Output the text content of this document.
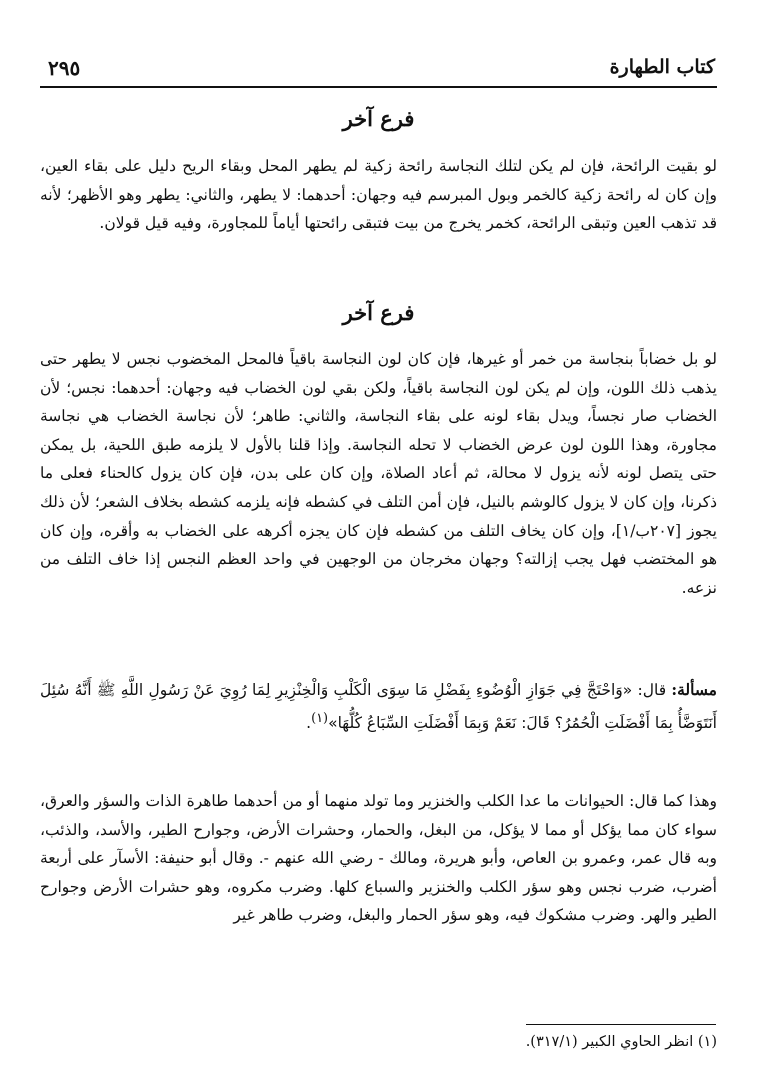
كتاب الطهارة
٢٩٥
فرع آخر

لو بقيت الرائحة، فإن لم يكن لتلك النجاسة رائحة زكية لم يطهر المحل وبقاء الريح دليل على بقاء العين، وإن كان له رائحة زكية كالخمر وبول المبرسم فيه وجهان: أحدهما: لا يطهر، والثاني: يطهر وهو الأظهر؛ لأنه قد تذهب العين وتبقى الرائحة، كخمر يخرج من بيت فتبقى رائحتها أياماً للمجاورة، وفيه قيل قولان.

فرع آخر

لو بل خضاباً بنجاسة من خمر أو غيرها، فإن كان لون النجاسة باقياً فالمحل المخضوب نجس لا يطهر حتى يذهب ذلك اللون، وإن لم يكن لون النجاسة باقياً، ولكن بقي لون الخضاب فيه وجهان: أحدهما: نجس؛ لأن الخضاب صار نجساً، ويدل بقاء لونه على بقاء النجاسة، والثاني: طاهر؛ لأن نجاسة الخضاب هي نجاسة مجاورة، وهذا اللون لون عرض الخضاب لا تحله النجاسة. وإذا قلنا بالأول لا يلزمه طبق اللحية، بل يمكن حتى يتصل لونه لأنه يزول لا محالة، ثم أعاد الصلاة، وإن كان على بدن، فإن كان يزول كالحناء فعلى ما ذكرنا، وإن كان لا يزول كالوشم بالنيل، فإن أمن التلف في كشطه فإنه يلزمه كشطه بخلاف الشعر؛ لأن ذلك يجوز [٢٠٧ب/١]، وإن كان يخاف التلف من كشطه فإن كان يجزه أكرهه على الخضاب به وأقره، وإن كان هو المختضب فهل يجب إزالته؟ وجهان مخرجان من الوجهين في واحد العظم النجس إذا خاف التلف من نزعه.

مسألة: قال: «وَاحْتَجَّ فِي جَوَازِ الْوُضُوءِ بِفَضْلِ مَا سِوَى الْكَلْبِ وَالْخِنْزِيرِ لِمَا رُوِيَ عَنْ رَسُولِ اللَّهِ ﷺ أَنَّهُ سُئِلَ أَنَتَوَضَّأُ بِمَا أَفْضَلَتِ الْحُمُرُ؟ قَالَ: نَعَمْ وَبِمَا أَفْضَلَتِ السِّبَاعُ كُلُّهَا»$^{(١)}$.

وهذا كما قال: الحيوانات ما عدا الكلب والخنزير وما تولد منهما أو من أحدهما طاهرة الذات والسؤر والعرق، سواء كان مما يؤكل أو مما لا يؤكل، من البغل، والحمار، وحشرات الأرض، وجوارح الطير، والأسد، والذئب، وبه قال عمر، وعمرو بن العاص، وأبو هريرة، ومالك - رضي الله عنهم -. وقال أبو حنيفة: الأسآر على أربعة أضرب، ضرب نجس وهو سؤر الكلب والخنزير والسباع كلها. وضرب مكروه، وهو حشرات الأرض وجوارح الطير والهر. وضرب مشكوك فيه، وهو سؤر الحمار والبغل، وضرب طاهر غير

(١) انظر الحاوي الكبير (٣١٧/١).
